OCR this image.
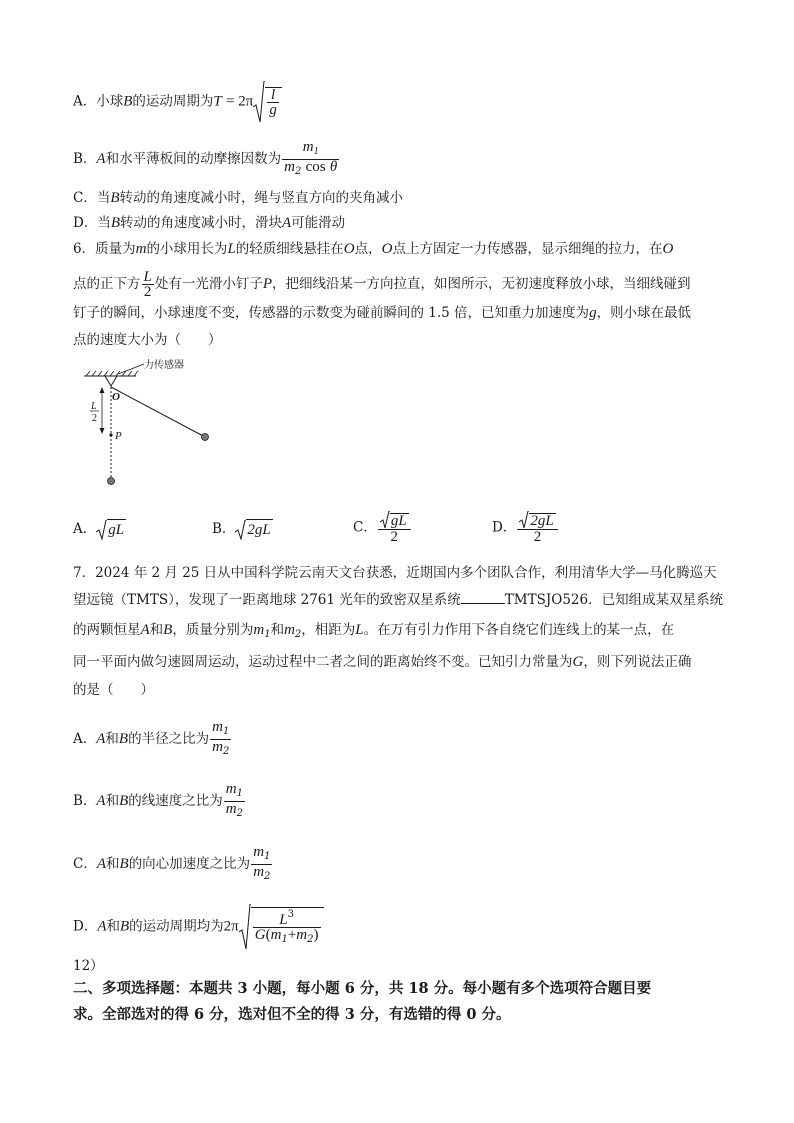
A．小球B的运动周期为$T = 2\pi \frac{l}{g}$
B．A和水平薄板间的动摩擦因数为 $\frac{m_1}{m_2 \cos \theta}$
C．当B转动的角速度减小时，绳与竖直方向的夹角减小
D．当B转动的角速度减小时，滑块A可能滑动
6．质量为m的小球用长为L的轻质细线悬挂在O点，O点上方固定一力传感器，显示细绳的拉力，在O
点的正下方 $\frac{L}{2}$ 处有一光滑小钉子P，把细线沿某一方向拉直，如图所示，无初速度释放小球，当细线碰到
钉子的瞬间，小球速度不变，传感器的示数变为碰前瞬间的 1.5 倍，已知重力加速度为g，则小球在最低
点的速度大小为（　　）
力传感器
O
P
L
2
A． gL	B． 2gL	C． $\frac{gL}{2}$	D． $\frac{2gL}{2}$
7．2024 年 2 月 25 日从中国科学院云南天文台获悉，近期国内多个团队合作，利用清华大学—马化腾巡天
望远镜（TMTS），发现了一距离地球 2761 光年的致密双星系统	TMTSJO526．已知组成某双星系统
的两颗恒星A和B，质量分别为$m_1$和$m_2$，相距为L。在万有引力作用下各自绕它们连线上的某一点，在
同一平面内做匀速圆周运动，运动过程中二者之间的距离始终不变。已知引力常量为G，则下列说法正确
的是（　　）
A．A和B的半径之比为 $\frac{m_1}{m_2}$
B．A和B的线速度之比为 $\frac{m_1}{m_2}$
C．A和B的向心加速度之比为 $\frac{m_1}{m_2}$
D．A和B的运动周期均为$2\pi \frac{L^3}{G(m_1+m_2)}$
12）
二、多项选择题：本题共 3 小题，每小题 6 分，共 18 分。每小题有多个选项符合题目要
求。全部选对的得 6 分，选对但不全的得 3 分，有选错的得 0 分。
